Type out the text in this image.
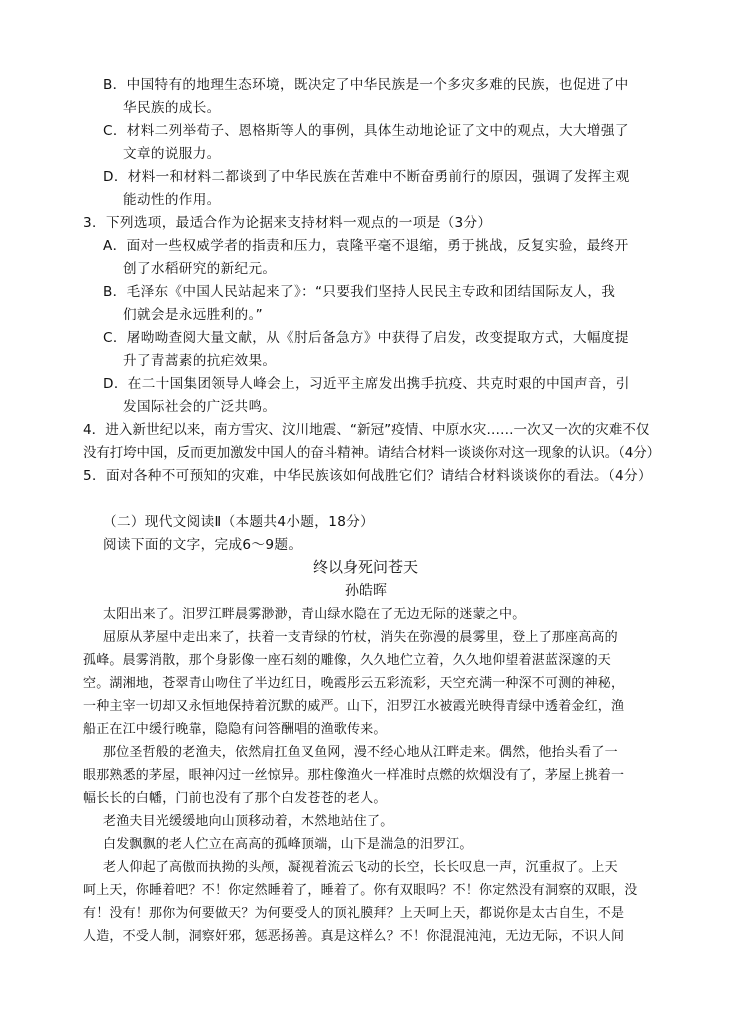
B．中国特有的地理生态环境，既决定了中华民族是一个多灾多难的民族，也促进了中
华民族的成长。
C．材料二列举荀子、恩格斯等人的事例，具体生动地论证了文中的观点，大大增强了
文章的说服力。
D．材料一和材料二都谈到了中华民族在苦难中不断奋勇前行的原因，强调了发挥主观
能动性的作用。
3．下列选项，最适合作为论据来支持材料一观点的一项是（3分）
A．面对一些权威学者的指责和压力，袁隆平毫不退缩，勇于挑战，反复实验，最终开
创了水稻研究的新纪元。
B．毛泽东《中国人民站起来了》：“只要我们坚持人民民主专政和团结国际友人，我
们就会是永远胜利的。”
C．屠呦呦查阅大量文献，从《肘后备急方》中获得了启发，改变提取方式，大幅度提
升了青蒿素的抗疟效果。
D．在二十国集团领导人峰会上，习近平主席发出携手抗疫、共克时艰的中国声音，引
发国际社会的广泛共鸣。
4．进入新世纪以来，南方雪灾、汶川地震、“新冠”疫情、中原水灾……一次又一次的灾难不仅
没有打垮中国，反而更加激发中国人的奋斗精神。请结合材料一谈谈你对这一现象的认识。（4分）
5．面对各种不可预知的灾难，中华民族该如何战胜它们？请结合材料谈谈你的看法。（4分）
（二）现代文阅读Ⅱ（本题共4小题，18分）
阅读下面的文字，完成6～9题。
终以身死问苍天
孙皓晖
太阳出来了。汨罗江畔晨雾渺渺，青山绿水隐在了无边无际的迷蒙之中。
屈原从茅屋中走出来了，扶着一支青绿的竹杖，消失在弥漫的晨雾里，登上了那座高高的
孤峰。晨雾消散，那个身影像一座石刻的雕像，久久地伫立着，久久地仰望着湛蓝深邃的天
空。湖湘地，苍翠青山吻住了半边红日，晚霞彤云五彩流彩，天空充满一种深不可测的神秘，
一种主宰一切却又永恒地保持着沉默的威严。山下，汨罗江水被霞光映得青绿中透着金红，渔
船正在江中缓行晚靠，隐隐有问答酬唱的渔歌传来。
那位圣哲般的老渔夫，依然肩扛鱼叉鱼网，漫不经心地从江畔走来。偶然，他抬头看了一
眼那熟悉的茅屋，眼神闪过一丝惊异。那柱像渔火一样准时点燃的炊烟没有了，茅屋上挑着一
幅长长的白幡，门前也没有了那个白发苍苍的老人。
老渔夫目光缓缓地向山顶移动着，木然地站住了。
白发飘飘的老人伫立在高高的孤峰顶端，山下是湍急的汨罗江。
老人仰起了高傲而执拗的头颅，凝视着流云飞动的长空，长长叹息一声，沉重叔了。上天
呵上天，你睡着吧？不！你定然睡着了，睡着了。你有双眼吗？不！你定然没有洞察的双眼，没
有！没有！那你为何要做天？为何要受人的顶礼膜拜？上天呵上天，都说你是太古自生，不是
人造，不受人制，洞察奸邪，惩恶扬善。真是这样么？不！你混混沌沌，无边无际，不识人间
